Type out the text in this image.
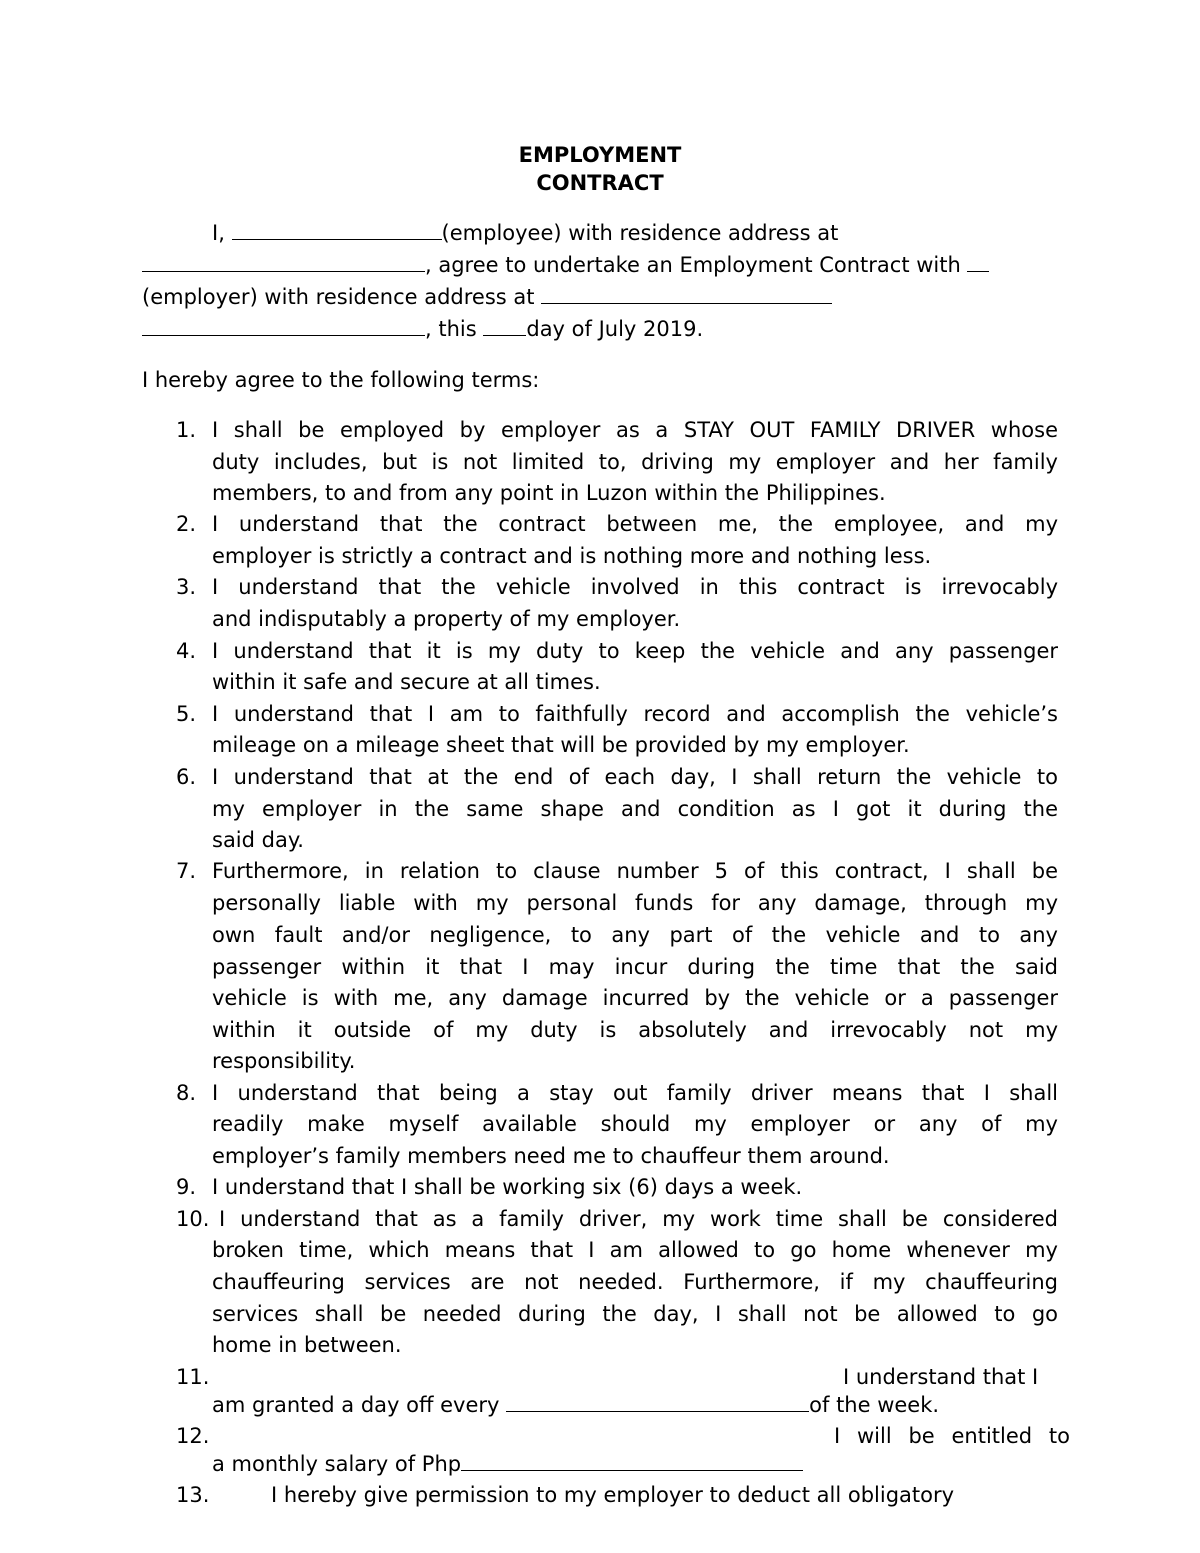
EMPLOYMENT
CONTRACT
I,	(employee) with residence address at
, agree to undertake an Employment Contract with
(employer) with residence address at
, this day of July 2019.
I hereby agree to the following terms:
1. I shall be employed by employer as a STAY OUT FAMILY DRIVER whose
duty includes, but is not limited to, driving my employer and her family
members, to and from any point in Luzon within the Philippines.
2. I understand that the contract between me, the employee, and my
employer is strictly a contract and is nothing more and nothing less.
3. I understand that the vehicle involved in this contract is irrevocably
and indisputably a property of my employer.
4. I understand that it is my duty to keep the vehicle and any passenger
within it safe and secure at all times.
5. I understand that I am to faithfully record and accomplish the vehicle’s
mileage on a mileage sheet that will be provided by my employer.
6. I understand that at the end of each day, I shall return the vehicle to
my employer in the same shape and condition as I got it during the
said day.
7. Furthermore, in relation to clause number 5 of this contract, I shall be
personally liable with my personal funds for any damage, through my
own fault and/or negligence, to any part of the vehicle and to any
passenger within it that I may incur during the time that the said
vehicle is with me, any damage incurred by the vehicle or a passenger
within it outside of my duty is absolutely and irrevocably not my
responsibility.
8. I understand that being a stay out family driver means that I shall
readily make myself available should my employer or any of my
employer’s family members need me to chauffeur them around.
9. I understand that I shall be working six (6) days a week.
10. I understand that as a family driver, my work time shall be considered
broken time, which means that I am allowed to go home whenever my
chauffeuring services are not needed. Furthermore, if my chauffeuring
services shall be needed during the day, I shall not be allowed to go
home in between.
11.	I understand that I
am granted a day off every	of the week.
12.	I will be entitled to
a monthly salary of Php
13.	I hereby give permission to my employer to deduct all obligatory
